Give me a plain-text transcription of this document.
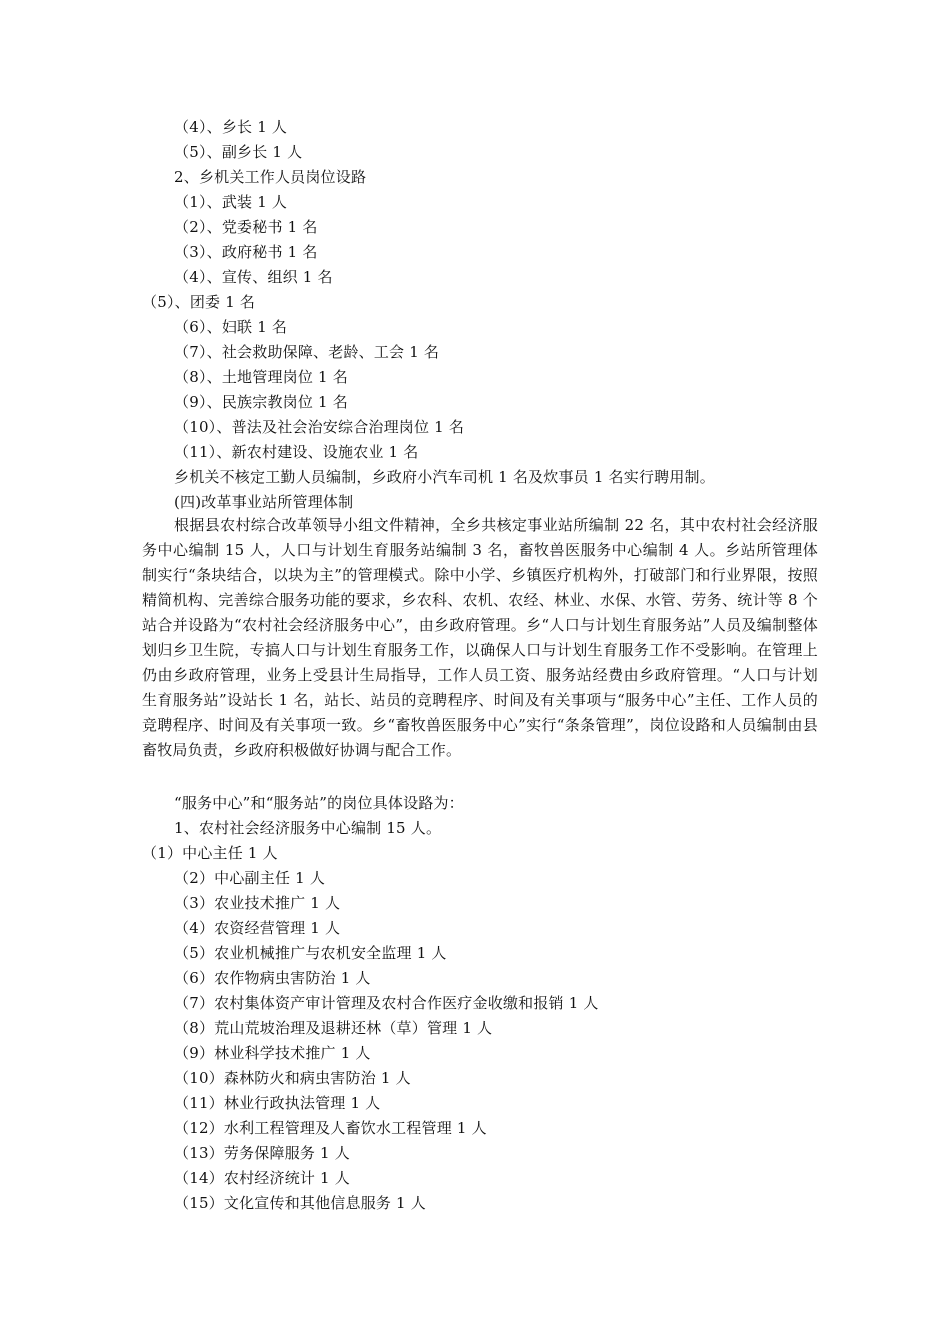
（4）、乡长 1 人
（5）、副乡长 1 人
2、乡机关工作人员岗位设路
（1）、武装 1 人
（2）、党委秘书 1 名
（3）、政府秘书 1 名
（4）、宣传、组织 1 名
（5）、团委 1 名
（6）、妇联 1 名
（7）、社会救助保障、老龄、工会 1 名
（8）、土地管理岗位 1 名
（9）、民族宗教岗位 1 名
（10）、普法及社会治安综合治理岗位 1 名
（11）、新农村建设、设施农业 1 名
乡机关不核定工勤人员编制，乡政府小汽车司机 1 名及炊事员 1 名实行聘用制。
(四)改革事业站所管理体制
根据县农村综合改革领导小组文件精神，全乡共核定事业站所编制 22 名，其中农村社会经济服务中心编制 15 人，人口与计划生育服务站编制 3 名，畜牧兽医服务中心编制 4 人。乡站所管理体制实行“条块结合，以块为主”的管理模式。除中小学、乡镇医疗机构外，打破部门和行业界限，按照精简机构、完善综合服务功能的要求，乡农科、农机、农经、林业、水保、水管、劳务、统计等 8 个站合并设路为“农村社会经济服务中心”，由乡政府管理。乡“人口与计划生育服务站”人员及编制整体划归乡卫生院，专搞人口与计划生育服务工作，以确保人口与计划生育服务工作不受影响。在管理上仍由乡政府管理，业务上受县计生局指导，工作人员工资、服务站经费由乡政府管理。“人口与计划生育服务站”设站长 1 名，站长、站员的竞聘程序、时间及有关事项与“服务中心”主任、工作人员的竞聘程序、时间及有关事项一致。乡“畜牧兽医服务中心”实行“条条管理”，岗位设路和人员编制由县畜牧局负责，乡政府积极做好协调与配合工作。
“服务中心”和“服务站”的岗位具体设路为：
1、农村社会经济服务中心编制 15 人。
（1）中心主任 1 人
（2）中心副主任 1 人
（3）农业技术推广 1 人
（4）农资经营管理 1 人
（5）农业机械推广与农机安全监理 1 人
（6）农作物病虫害防治 1 人
（7）农村集体资产审计管理及农村合作医疗金收缴和报销 1 人
（8）荒山荒坡治理及退耕还林（草）管理 1 人
（9）林业科学技术推广 1 人
（10）森林防火和病虫害防治 1 人
（11）林业行政执法管理 1 人
（12）水利工程管理及人畜饮水工程管理 1 人
（13）劳务保障服务 1 人
（14）农村经济统计 1 人
（15）文化宣传和其他信息服务 1 人
